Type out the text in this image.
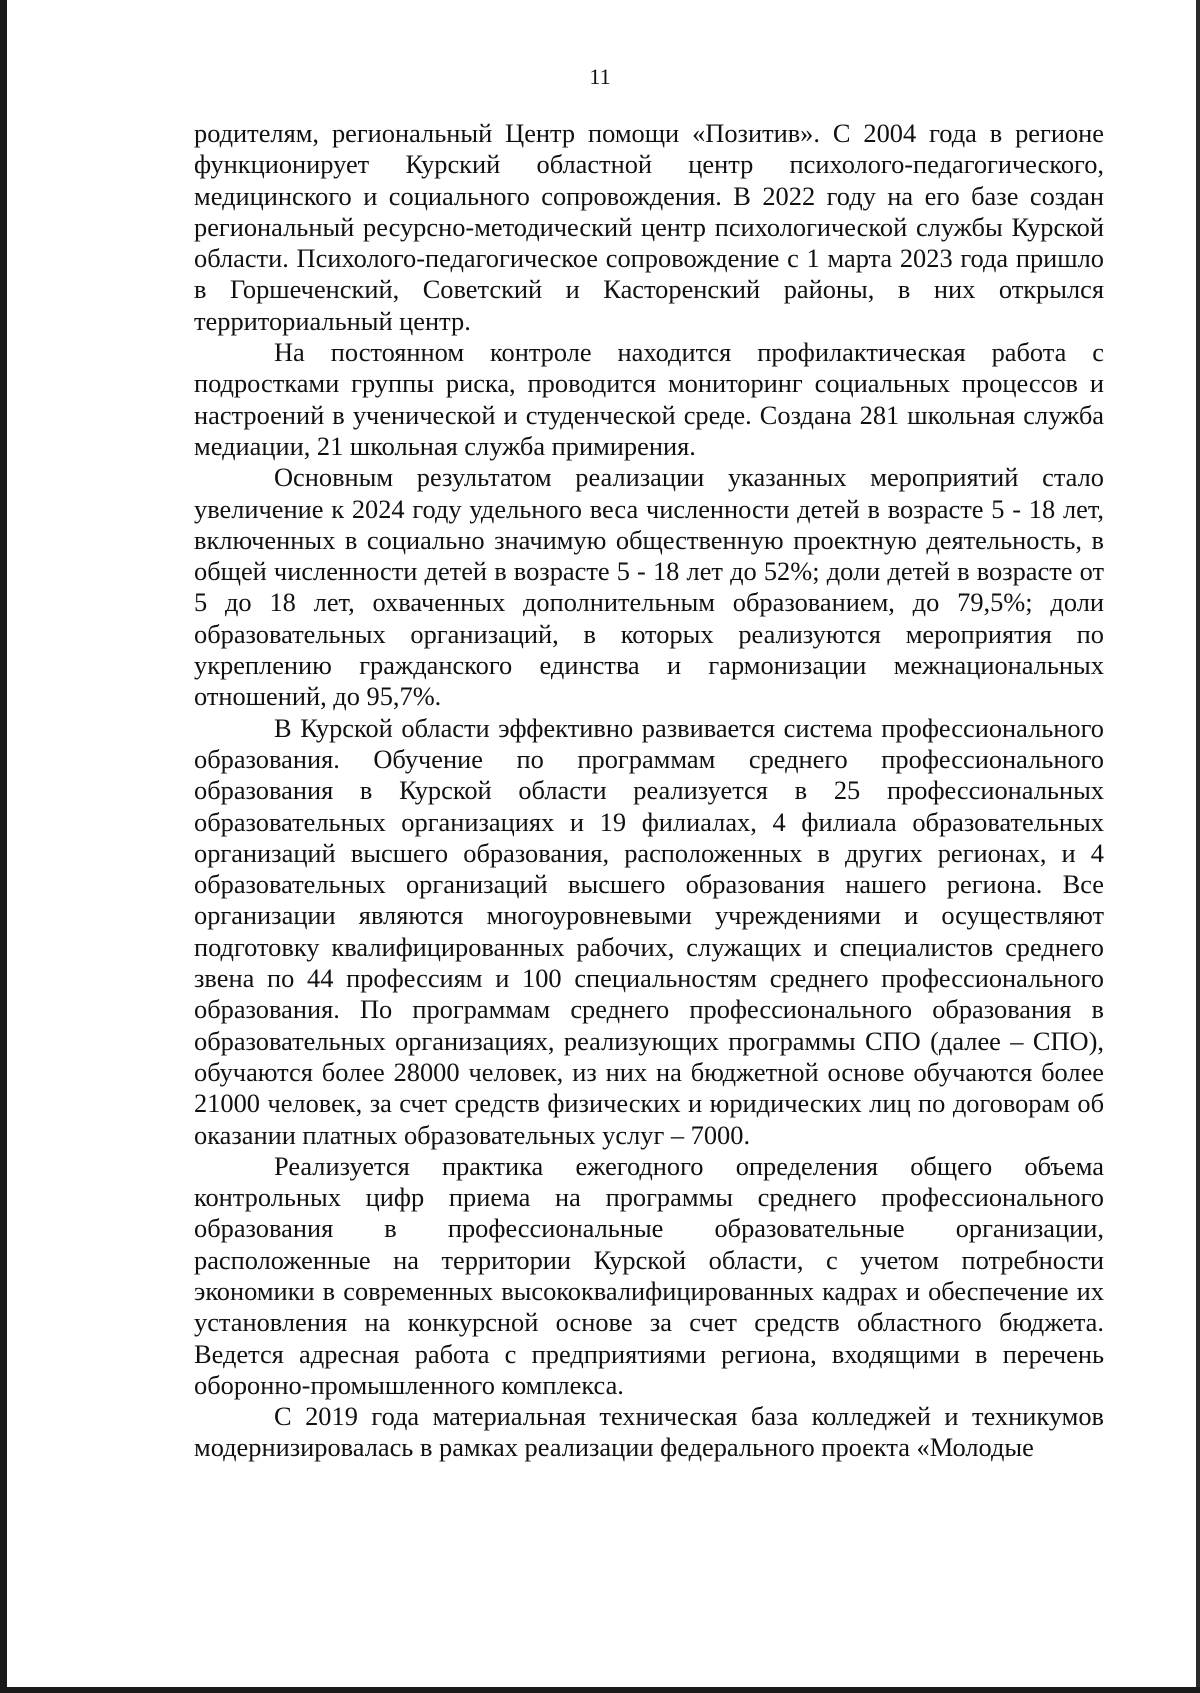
11

родителям, региональный Центр помощи «Позитив». С 2004 года в регионе функционирует Курский областной центр психолого-педагогического, медицинского и социального сопровождения. В 2022 году на его базе создан региональный ресурсно-методический центр психологической службы Курской области. Психолого-педагогическое сопровождение с 1 марта 2023 года пришло в Горшеченский, Советский и Касторенский районы, в них открылся территориальный центр.

На постоянном контроле находится профилактическая работа с подростками группы риска, проводится мониторинг социальных процессов и настроений в ученической и студенческой среде. Создана 281 школьная служба медиации, 21 школьная служба примирения.

Основным результатом реализации указанных мероприятий стало увеличение к 2024 году удельного веса численности детей в возрасте 5 - 18 лет, включенных в социально значимую общественную проектную деятельность, в общей численности детей в возрасте 5 - 18 лет до 52%; доли детей в возрасте от 5 до 18 лет, охваченных дополнительным образованием, до 79,5%; доли образовательных организаций, в которых реализуются мероприятия по укреплению гражданского единства и гармонизации межнациональных отношений, до 95,7%.

В Курской области эффективно развивается система профессионального образования. Обучение по программам среднего профессионального образования в Курской области реализуется в 25 профессиональных образовательных организациях и 19 филиалах, 4 филиала образовательных организаций высшего образования, расположенных в других регионах, и 4 образовательных организаций высшего образования нашего региона. Все организации являются многоуровневыми учреждениями и осуществляют подготовку квалифицированных рабочих, служащих и специалистов среднего звена по 44 профессиям и 100 специальностям среднего профессионального образования. По программам среднего профессионального образования в образовательных организациях, реализующих программы СПО (далее – СПО), обучаются более 28000 человек, из них на бюджетной основе обучаются более 21000 человек, за счет средств физических и юридических лиц по договорам об оказании платных образовательных услуг – 7000.

Реализуется практика ежегодного определения общего объема контрольных цифр приема на программы среднего профессионального образования в профессиональные образовательные организации, расположенные на территории Курской области, с учетом потребности экономики в современных высококвалифицированных кадрах и обеспечение их установления на конкурсной основе за счет средств областного бюджета. Ведется адресная работа с предприятиями региона, входящими в перечень оборонно-промышленного комплекса.

С 2019 года материальная техническая база колледжей и техникумов модернизировалась в рамках реализации федерального проекта «Молодые
